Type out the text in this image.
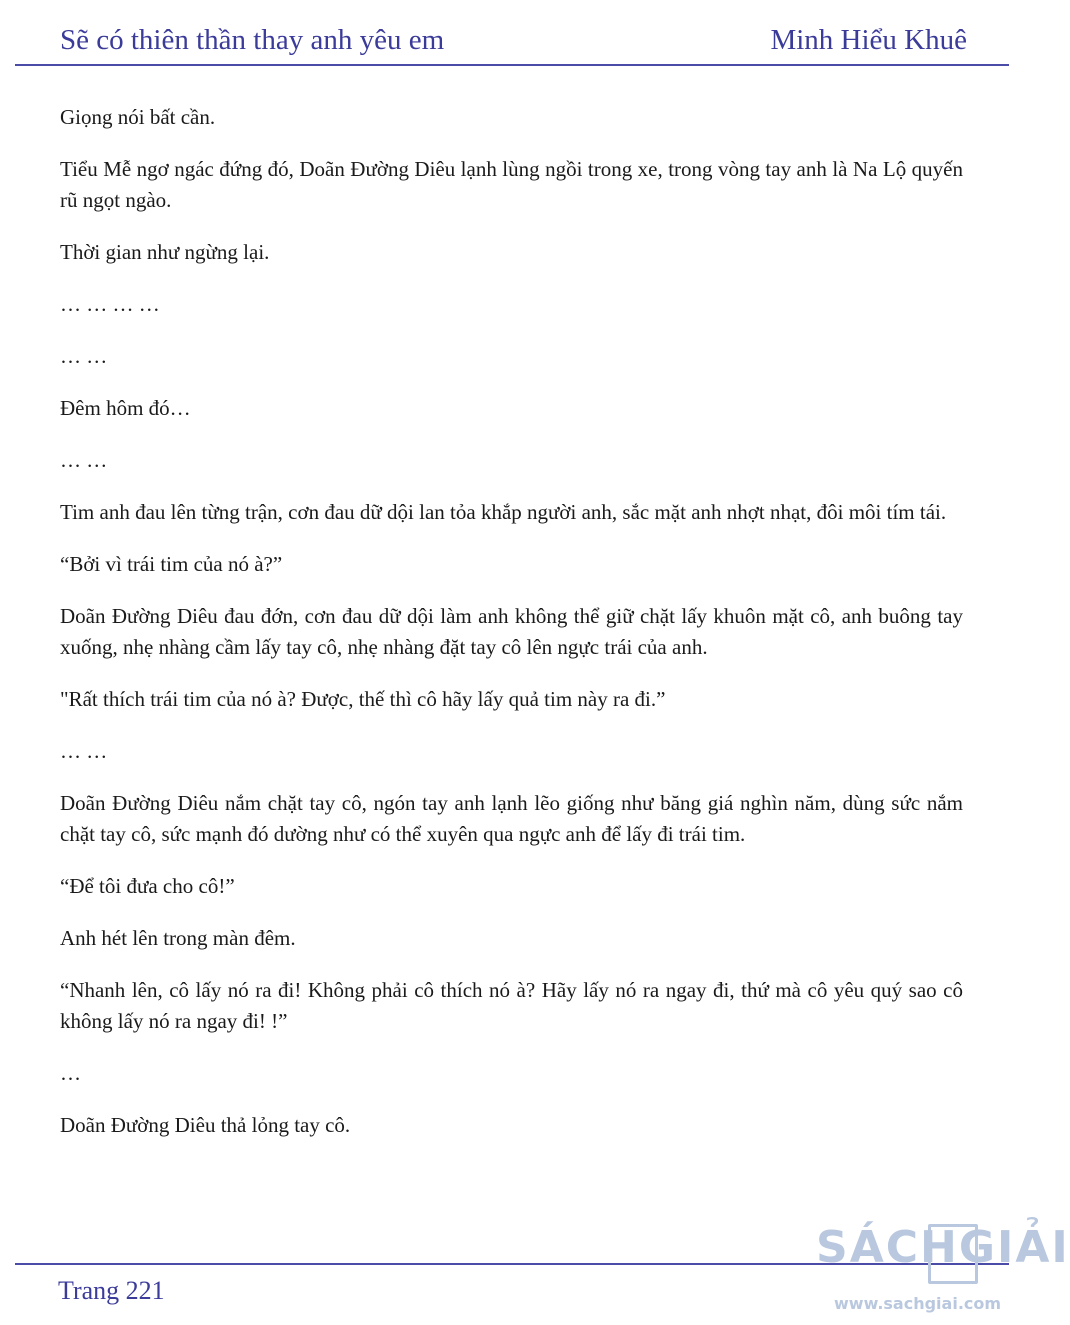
Sẽ có thiên thần thay anh yêu em	Minh Hiểu Khuê

Giọng nói bất cần.

Tiểu Mễ ngơ ngác đứng đó, Doãn Đường Diêu lạnh lùng ngồi trong xe, trong vòng tay anh là Na Lộ quyến rũ ngọt ngào.

Thời gian như ngừng lại.

… … … …

… …

Đêm hôm đó…

… …

Tim anh đau lên từng trận, cơn đau dữ dội lan tỏa khắp người anh, sắc mặt anh nhợt nhạt, đôi môi tím tái.

“Bởi vì trái tim của nó à?”

Doãn Đường Diêu đau đớn, cơn đau dữ dội làm anh không thể giữ chặt lấy khuôn mặt cô, anh buông tay xuống, nhẹ nhàng cầm lấy tay cô, nhẹ nhàng đặt tay cô lên ngực trái của anh.

"Rất thích trái tim của nó à? Được, thế thì cô hãy lấy quả tim này ra đi.”

… …

Doãn Đường Diêu nắm chặt tay cô, ngón tay anh lạnh lẽo giống như băng giá nghìn năm, dùng sức nắm chặt tay cô, sức mạnh đó dường như có thể xuyên qua ngực anh để lấy đi trái tim.

“Để tôi đưa cho cô!”

Anh hét lên trong màn đêm.

“Nhanh lên, cô lấy nó ra đi! Không phải cô thích nó à? Hãy lấy nó ra ngay đi, thứ mà cô yêu quý sao cô không lấy nó ra ngay đi! !”

…

Doãn Đường Diêu thả lỏng tay cô.

Trang 221
SÁCHGIẢI
www.sachgiai.com
